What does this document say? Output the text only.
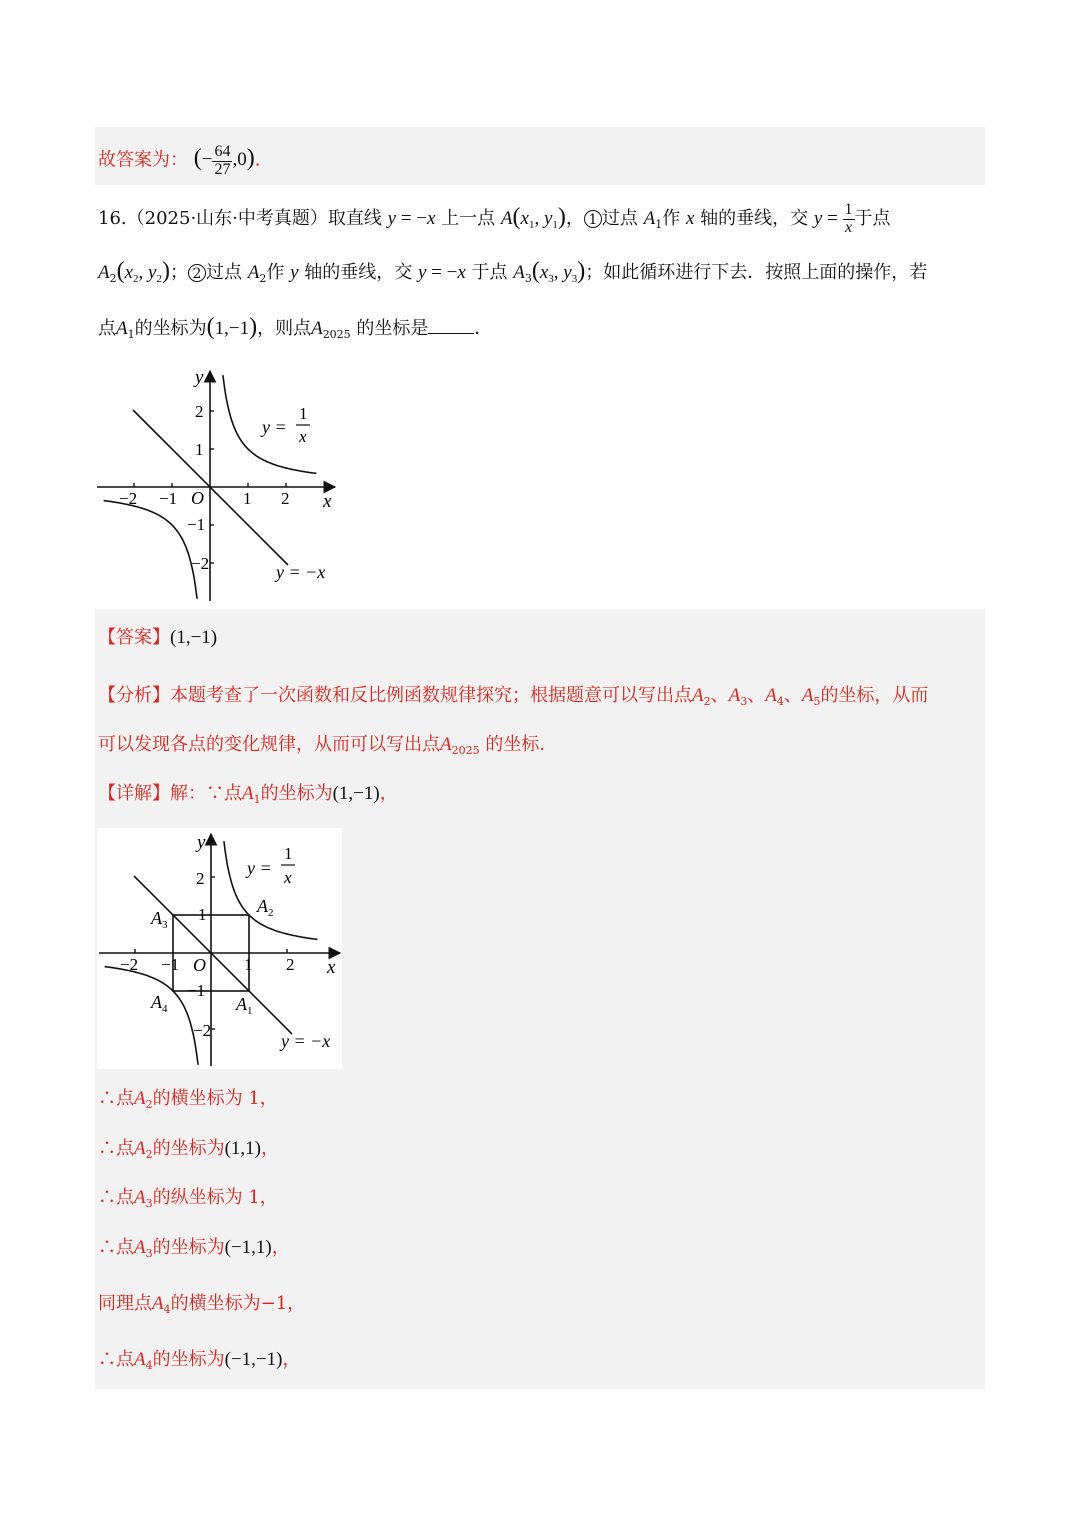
故答案为： (− $\frac{64}{27} ,0$).
16.（2025·山东·中考真题）取直线 y = −x 上一点 $A(x_1$, $y_1$)， 1 过点 $A_1$作 x 轴的垂线，交 $y = \frac{1}{x}$ 于点
$A_2(x_2$, $y_2$)； 2 过点 $A_2$作 y 轴的垂线，交 y = −x 于点 $A_3(x_3$, $y_3$)；如此循环进行下去．按照上面的操作，若
点$A_1$的坐标为(1,−1)，则点$A_{2025}$ 的坐标是	．
y
x
O
−2 −1	1 2
2
1
−1
−2
y =
1
x
y = −x
【答案】(1,−1)
【分析】本题考查了一次函数和反比例函数规律探究；根据题意可以写出点$A_2$、$A_3$、$A_4$、$A_5$的坐标，从而
可以发现各点的变化规律，从而可以写出点$A_{2025}$ 的坐标．
【详解】解：∵点$A_1$的坐标为(1,−1)，
y
x
O
−2 −1	1 2
2
1
−1
−2
$A_2$
$A_3$
$A_4$	$A_1$
y =
1
x
y = −x
∴点$A_2$的横坐标为 1，
∴点$A_2$的坐标为(1,1)，
∴点$A_3$的纵坐标为 1，
∴点$A_3$的坐标为(−1,1)，
同理点$A_4$的横坐标为−1，
∴点$A_4$的坐标为(−1,−1)，
